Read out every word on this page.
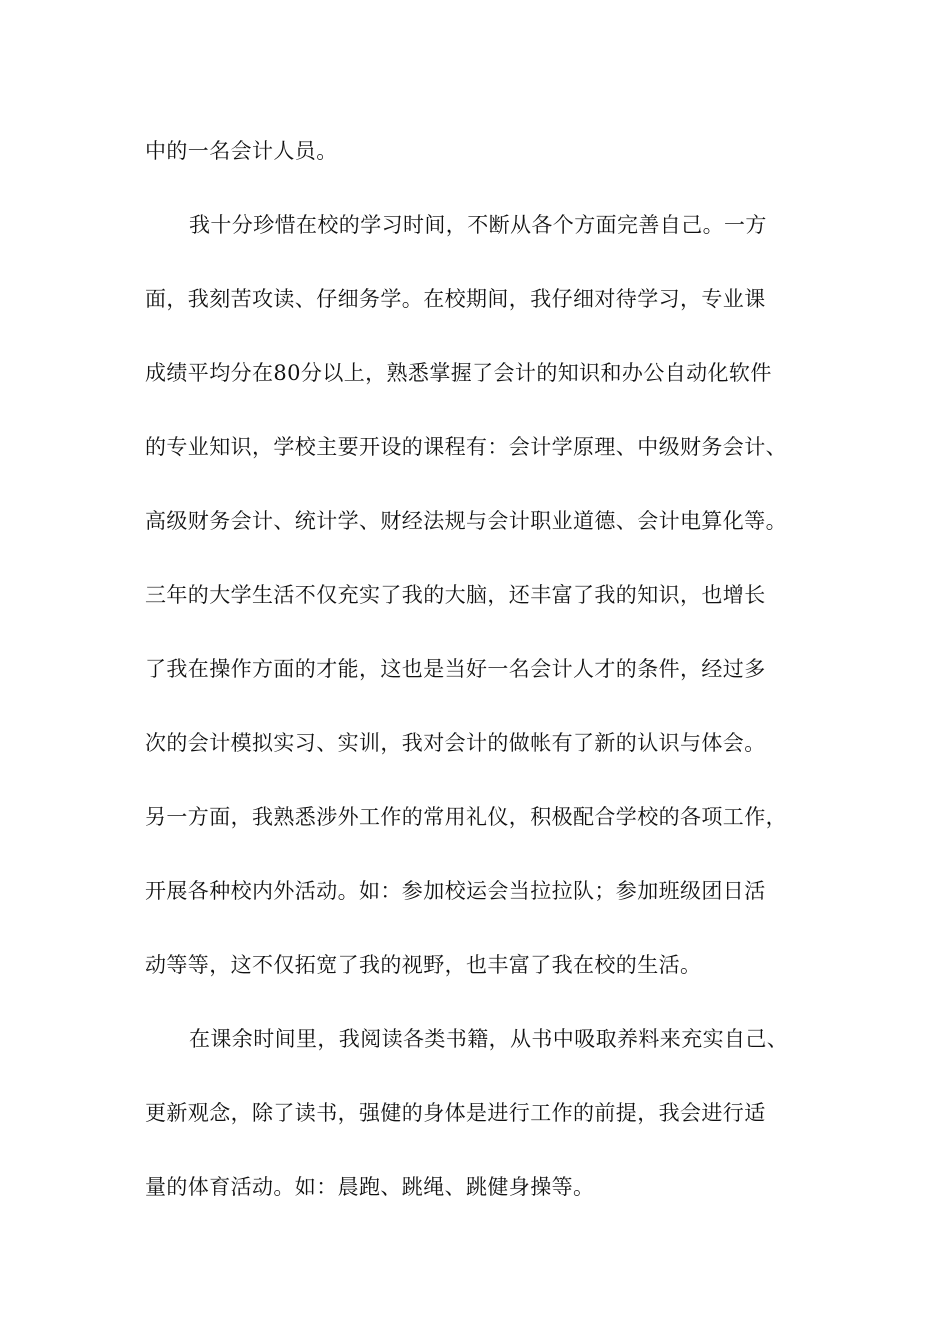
中的一名会计人员。
我十分珍惜在校的学习时间，不断从各个方面完善自己。一方
面，我刻苦攻读、仔细务学。在校期间，我仔细对待学习，专业课
成绩平均分在80分以上，熟悉掌握了会计的知识和办公自动化软件
的专业知识，学校主要开设的课程有：会计学原理、中级财务会计、
高级财务会计、统计学、财经法规与会计职业道德、会计电算化等。
三年的大学生活不仅充实了我的大脑，还丰富了我的知识，也增长
了我在操作方面的才能，这也是当好一名会计人才的条件，经过多
次的会计模拟实习、实训，我对会计的做帐有了新的认识与体会。
另一方面，我熟悉涉外工作的常用礼仪，积极配合学校的各项工作，
开展各种校内外活动。如：参加校运会当拉拉队；参加班级团日活
动等等，这不仅拓宽了我的视野，也丰富了我在校的生活。
在课余时间里，我阅读各类书籍，从书中吸取养料来充实自己、
更新观念，除了读书，强健的身体是进行工作的前提，我会进行适
量的体育活动。如：晨跑、跳绳、跳健身操等。
